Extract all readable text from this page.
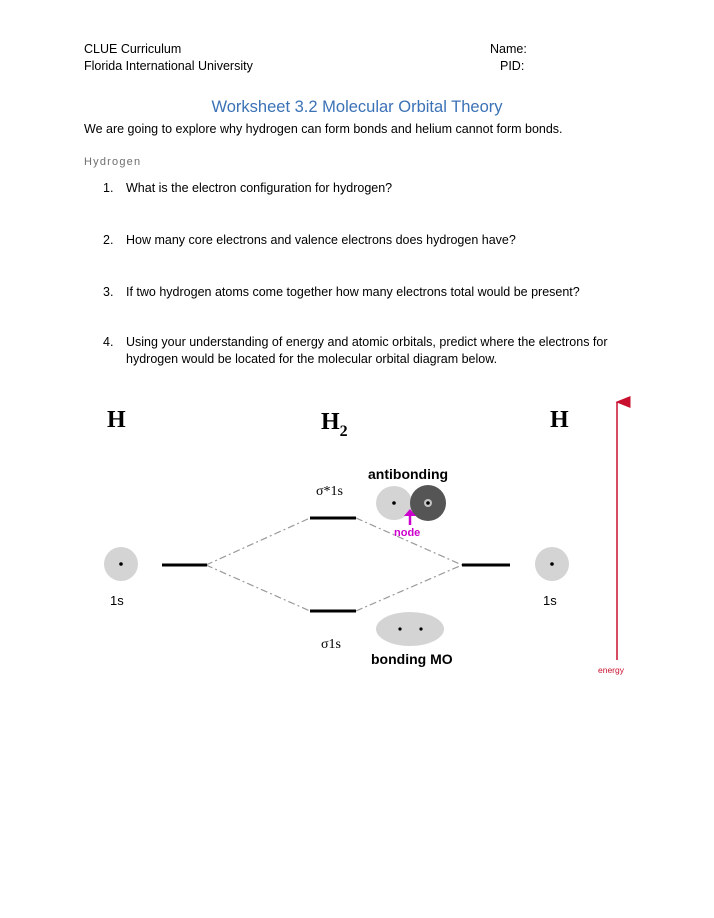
CLUE Curriculum
Florida International University
Name:
PID:
Worksheet 3.2 Molecular Orbital Theory
We are going to explore why hydrogen can form bonds and helium cannot form bonds.
Hydrogen
1.	What is the electron configuration for hydrogen?
2.	How many core electrons and valence electrons does hydrogen have?
3.	If two hydrogen atoms come together how many electrons total would be present?
4.	Using your understanding of energy and atomic orbitals, predict where the electrons for hydrogen would be located for the molecular orbital diagram below.
H	$H_2$	H
1s	1s
σ*1s
σ1s
antibonding
node
bonding MO
energy
